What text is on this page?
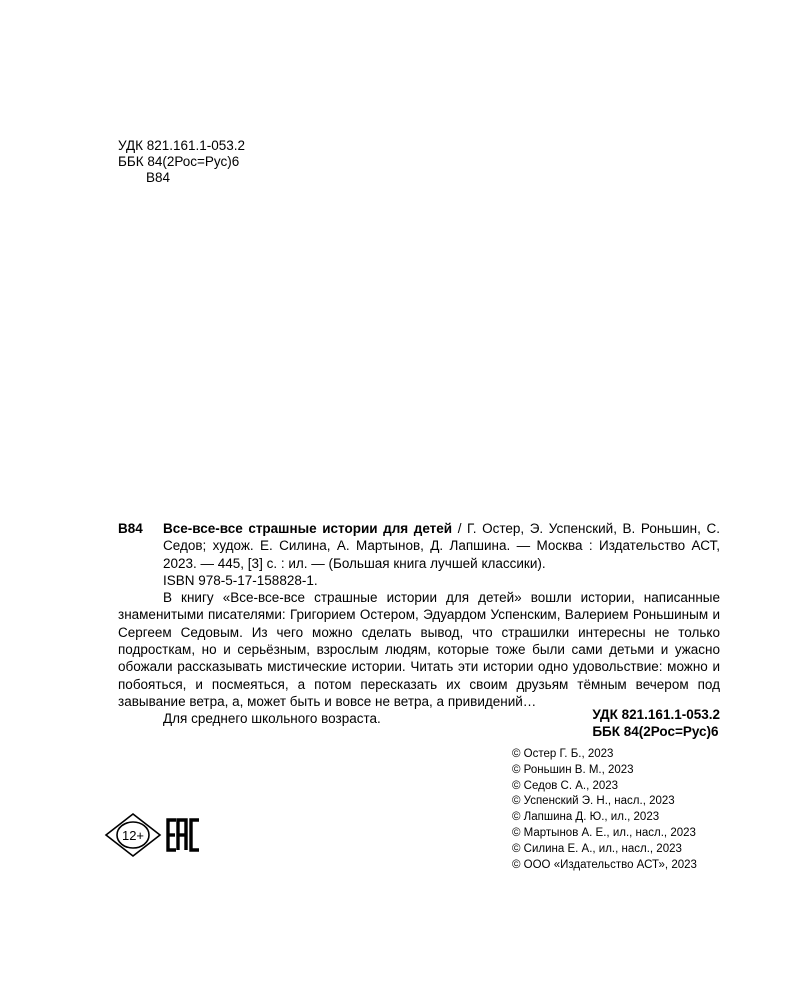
УДК 821.161.1-053.2
ББК 84(2Рос=Рус)6
В84
В84 Все-все-все страшные истории для детей / Г. Остер, Э. Успенский, В. Роньшин, С. Седов; худож. Е. Силина, А. Мартынов, Д. Лапшина. — Москва : Издательство АСТ, 2023. — 445, [3] с. : ил. — (Большая книга лучшей классики).
ISBN 978-5-17-158828-1.
В книгу «Все-все-все страшные истории для детей» вошли истории, написанные знаменитыми писателями: Григорием Остером, Эдуардом Успенским, Валерием Роньшиным и Сергеем Седовым. Из чего можно сделать вывод, что страшилки интересны не только подросткам, но и серьёзным, взрослым людям, которые тоже были сами детьми и ужасно обожали рассказывать мистические истории. Читать эти истории одно удовольствие: можно и побояться, и посмеяться, а потом пересказать их своим друзьям тёмным вечером под завывание ветра, а, может быть и вовсе не ветра, а привидений…
Для среднего школьного возраста.	УДК 821.161.1-053.2
ББК 84(2Рос=Рус)6
© Остер Г. Б., 2023
© Роньшин В. М., 2023
© Седов С. А., 2023
© Успенский Э. Н., насл., 2023
© Лапшина Д. Ю., ил., 2023
© Мартынов А. Е., ил., насл., 2023
© Силина Е. А., ил., насл., 2023
© ООО «Издательство АСТ», 2023
12+
